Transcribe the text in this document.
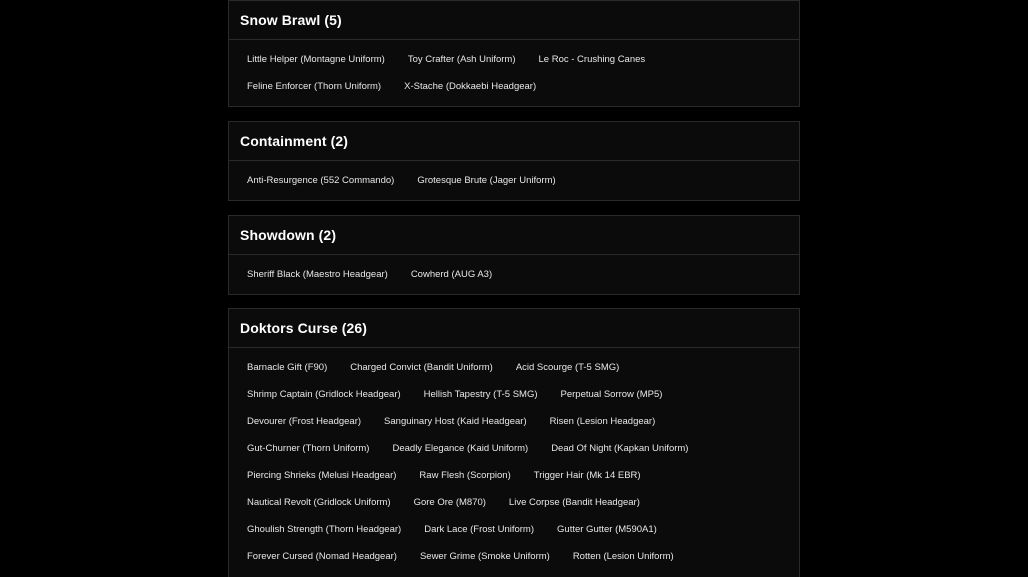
Snow Brawl (5)
Little Helper (Montagne Uniform)	Toy Crafter (Ash Uniform)	Le Roc - Crushing Canes
Feline Enforcer (Thorn Uniform)	X-Stache (Dokkaebi Headgear)
Containment (2)
Anti-Resurgence (552 Commando)	Grotesque Brute (Jager Uniform)
Showdown (2)
Sheriff Black (Maestro Headgear)	Cowherd (AUG A3)
Doktors Curse (26)
Barnacle Gift (F90)	Charged Convict (Bandit Uniform)	Acid Scourge (T-5 SMG)
Shrimp Captain (Gridlock Headgear)	Hellish Tapestry (T-5 SMG)	Perpetual Sorrow (MP5)
Devourer (Frost Headgear)	Sanguinary Host (Kaid Headgear)	Risen (Lesion Headgear)
Gut-Churner (Thorn Uniform)	Deadly Elegance (Kaid Uniform)	Dead Of Night (Kapkan Uniform)
Piercing Shrieks (Melusi Headgear)	Raw Flesh (Scorpion)	Trigger Hair (Mk 14 EBR)
Nautical Revolt (Gridlock Uniform)	Gore Ore (M870)	Live Corpse (Bandit Headgear)
Ghoulish Strength (Thorn Headgear)	Dark Lace (Frost Uniform)	Gutter Gutter (M590A1)
Forever Cursed (Nomad Headgear)	Sewer Grime (Smoke Uniform)	Rotten (Lesion Uniform)
